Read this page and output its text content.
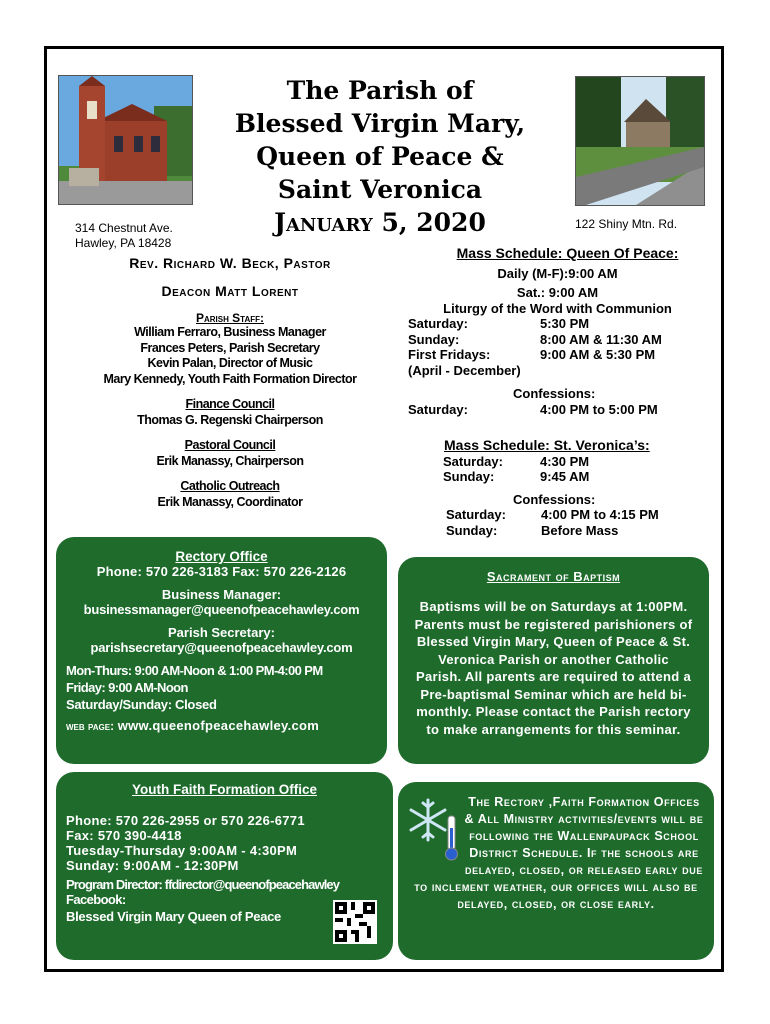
The Parish of
Blessed Virgin Mary,
Queen of Peace &
Saint Veronica
January 5, 2020
314 Chestnut Ave.
Hawley, PA 18428
122 Shiny Mtn. Rd.
Rev. Richard W. Beck, Pastor
Deacon Matt Lorent
Parish Staff:
William Ferraro, Business Manager
Frances Peters, Parish Secretary
Kevin Palan, Director of Music
Mary Kennedy, Youth Faith Formation Director
Finance Council
Thomas G. Regenski Chairperson
Pastoral Council
Erik Manassy, Chairperson
Catholic Outreach
Erik Manassy, Coordinator
Mass Schedule: Queen Of Peace:
Daily (M-F):9:00 AM
Sat.: 9:00 AM
Liturgy of the Word with Communion
Saturday:	5:30 PM
Sunday:	8:00 AM & 11:30 AM
First Fridays:	9:00 AM & 5:30 PM
(April - December)
Confessions:
Saturday:	4:00 PM to 5:00 PM
Mass Schedule: St. Veronica’s:
Saturday:	4:30 PM
Sunday:	9:45 AM
Confessions:
Saturday:	4:00 PM to 4:15 PM
Sunday:	Before Mass
Rectory Office
Phone: 570 226-3183 Fax: 570 226-2126
Business Manager:
businessmanager@queenofpeacehawley.com
Parish Secretary:
parishsecretary@queenofpeacehawley.com
Mon-Thurs: 9:00 AM-Noon & 1:00 PM-4:00 PM
Friday: 9:00 AM-Noon
Saturday/Sunday: Closed
web page: www.queenofpeacehawley.com
Sacrament of Baptism
Baptisms will be on Saturdays at 1:00PM. Parents must be registered parishioners of Blessed Virgin Mary, Queen of Peace & St. Veronica Parish or another Catholic Parish. All parents are required to attend a Pre-baptismal Seminar which are held bi-monthly. Please contact the Parish rectory to make arrangements for this seminar.
Youth Faith Formation Office
Phone: 570 226-2955 or 570 226-6771
Fax: 570 390-4418
Tuesday-Thursday 9:00AM - 4:30PM
Sunday: 9:00AM - 12:30PM
Program Director: ffdirector@queenofpeacehawley
Facebook:
Blessed Virgin Mary Queen of Peace
The Rectory ,Faith Formation Offices & All Ministry activities/events will be following the Wallenpaupack School District Schedule. If the schools are delayed, closed, or released early due to inclement weather, our offices will also be delayed, closed, or close early.
